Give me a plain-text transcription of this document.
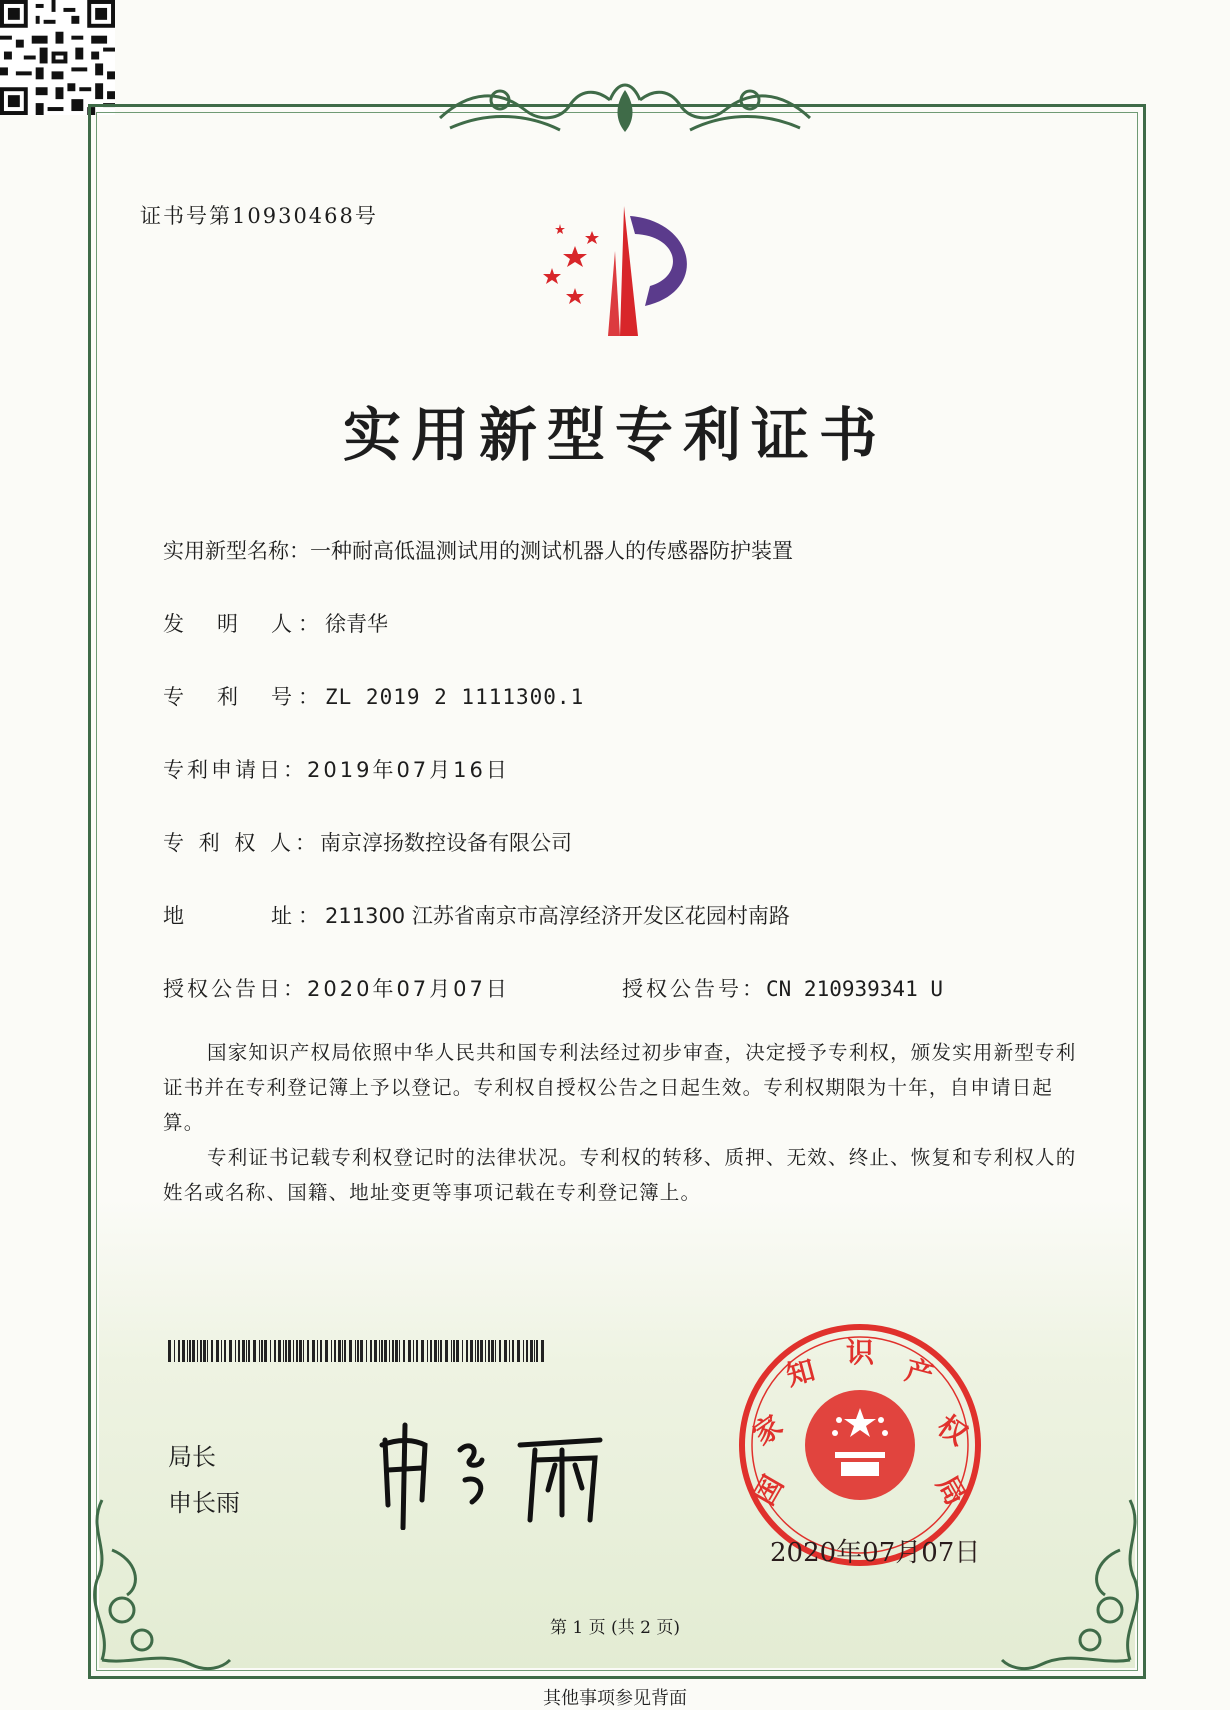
证书号第10930468号
实用新型专利证书
实用新型名称：一种耐高低温测试用的测试机器人的传感器防护装置
发　明　人：徐青华
专　利　号：ZL 2019 2 1111300.1
专利申请日：2019年07月16日
专 利 权 人：南京淳扬数控设备有限公司
地　　　址：211300 江苏省南京市高淳经济开发区花园村南路
授权公告日：2020年07月07日	授权公告号：CN 210939341 U

国家知识产权局依照中华人民共和国专利法经过初步审查，决定授予专利权，颁发实用新型专利证书并在专利登记簿上予以登记。专利权自授权公告之日起生效。专利权期限为十年，自申请日起算。

专利证书记载专利权登记时的法律状况。专利权的转移、质押、无效、终止、恢复和专利权人的姓名或名称、国籍、地址变更等事项记载在专利登记簿上。

局长
申长雨	国
家
知
识
产
权
局
2020年07月07日
第 1 页 (共 2 页)
其他事项参见背面
